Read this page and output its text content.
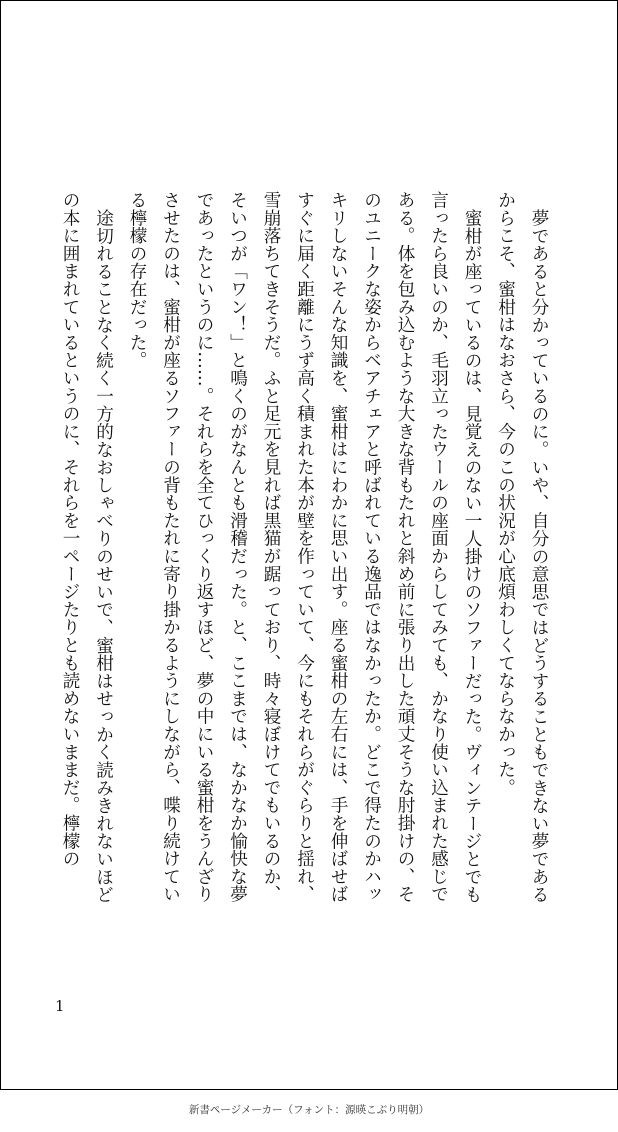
夢であると分かっているのに。いや、自分の意思ではどうすることもできない夢であるからこそ、蜜柑はなおさら、今のこの状況が心底煩わしくてならなかった。

蜜柑が座っているのは、見覚えのない一人掛けのソファーだった。ヴィンテージとでも言ったら良いのか、毛羽立ったウールの座面からしてみても、かなり使い込まれた感じである。体を包み込むような大きな背もたれと斜め前に張り出した頑丈そうな肘掛けの、そのユニークな姿からベアチェアと呼ばれている逸品ではなかったか。どこで得たのかハッキリしないそんな知識を、蜜柑はにわかに思い出す。座る蜜柑の左右には、手を伸ばせばすぐに届く距離にうず高く積まれた本が壁を作っていて、今にもそれらがぐらりと揺れ、雪崩落ちてきそうだ。ふと足元を見れば黒猫が踞っており、時々寝ぼけてでもいるのか、そいつが「ワン！」と鳴くのがなんとも滑稽だった。と、ここまでは、なかなか愉快な夢であったというのに……。それらを全てひっくり返すほど、夢の中にいる蜜柑をうんざりさせたのは、蜜柑が座るソファーの背もたれに寄り掛かるようにしながら、喋り続けている檸檬の存在だった。

途切れることなく続く一方的なおしゃべりのせいで、蜜柑はせっかく読みきれないほどの本に囲まれているというのに、それらを一ページたりとも読めないままだ。檸檬の

1
新書ページメーカー（フォント：源暎こぶり明朝）
